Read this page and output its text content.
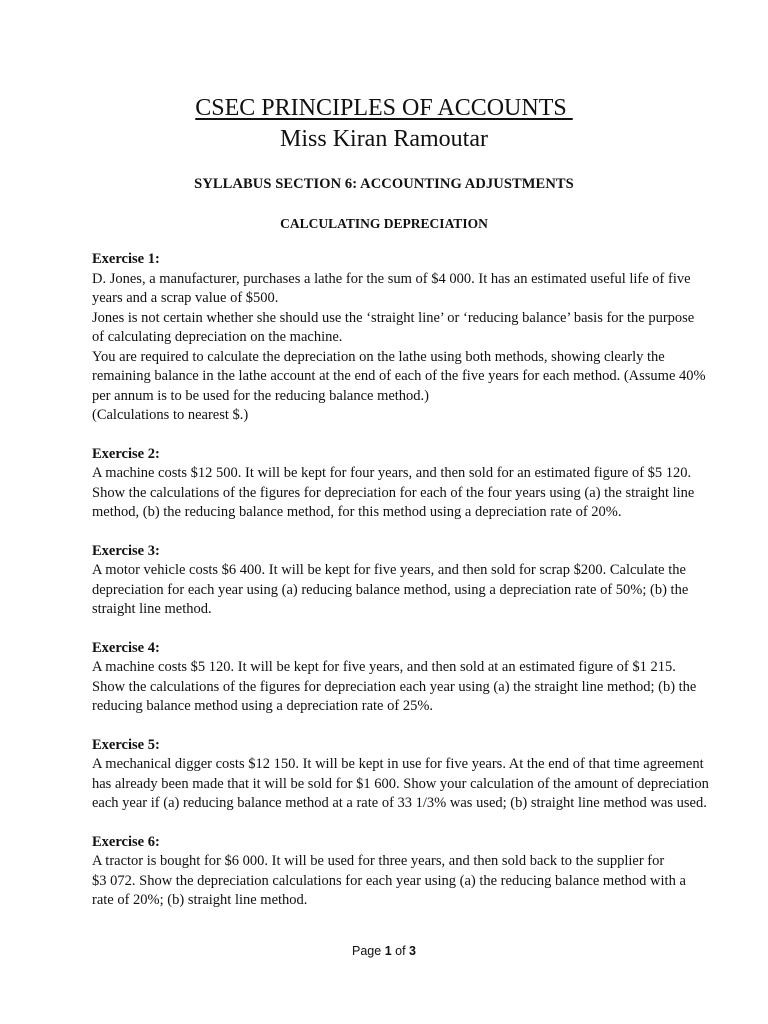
CSEC PRINCIPLES OF ACCOUNTS
Miss Kiran Ramoutar
SYLLABUS SECTION 6: ACCOUNTING ADJUSTMENTS
CALCULATING DEPRECIATION
Exercise 1:
D. Jones, a manufacturer, purchases a lathe for the sum of $4 000. It has an estimated useful life of five
years and a scrap value of $500.
Jones is not certain whether she should use the ‘straight line’ or ‘reducing balance’ basis for the purpose
of calculating depreciation on the machine.
You are required to calculate the depreciation on the lathe using both methods, showing clearly the
remaining balance in the lathe account at the end of each of the five years for each method. (Assume 40%
per annum is to be used for the reducing balance method.)
(Calculations to nearest $.)
Exercise 2:
A machine costs $12 500. It will be kept for four years, and then sold for an estimated figure of $5 120.
Show the calculations of the figures for depreciation for each of the four years using (a) the straight line
method, (b) the reducing balance method, for this method using a depreciation rate of 20%.
Exercise 3:
A motor vehicle costs $6 400. It will be kept for five years, and then sold for scrap $200. Calculate the
depreciation for each year using (a) reducing balance method, using a depreciation rate of 50%; (b) the
straight line method.
Exercise 4:
A machine costs $5 120. It will be kept for five years, and then sold at an estimated figure of $1 215.
Show the calculations of the figures for depreciation each year using (a) the straight line method; (b) the
reducing balance method using a depreciation rate of 25%.
Exercise 5:
A mechanical digger costs $12 150. It will be kept in use for five years. At the end of that time agreement
has already been made that it will be sold for $1 600. Show your calculation of the amount of depreciation
each year if (a) reducing balance method at a rate of 33 1/3% was used; (b) straight line method was used.
Exercise 6:
A tractor is bought for $6 000. It will be used for three years, and then sold back to the supplier for
$3 072. Show the depreciation calculations for each year using (a) the reducing balance method with a
rate of 20%; (b) straight line method.
Page 1 of 3
